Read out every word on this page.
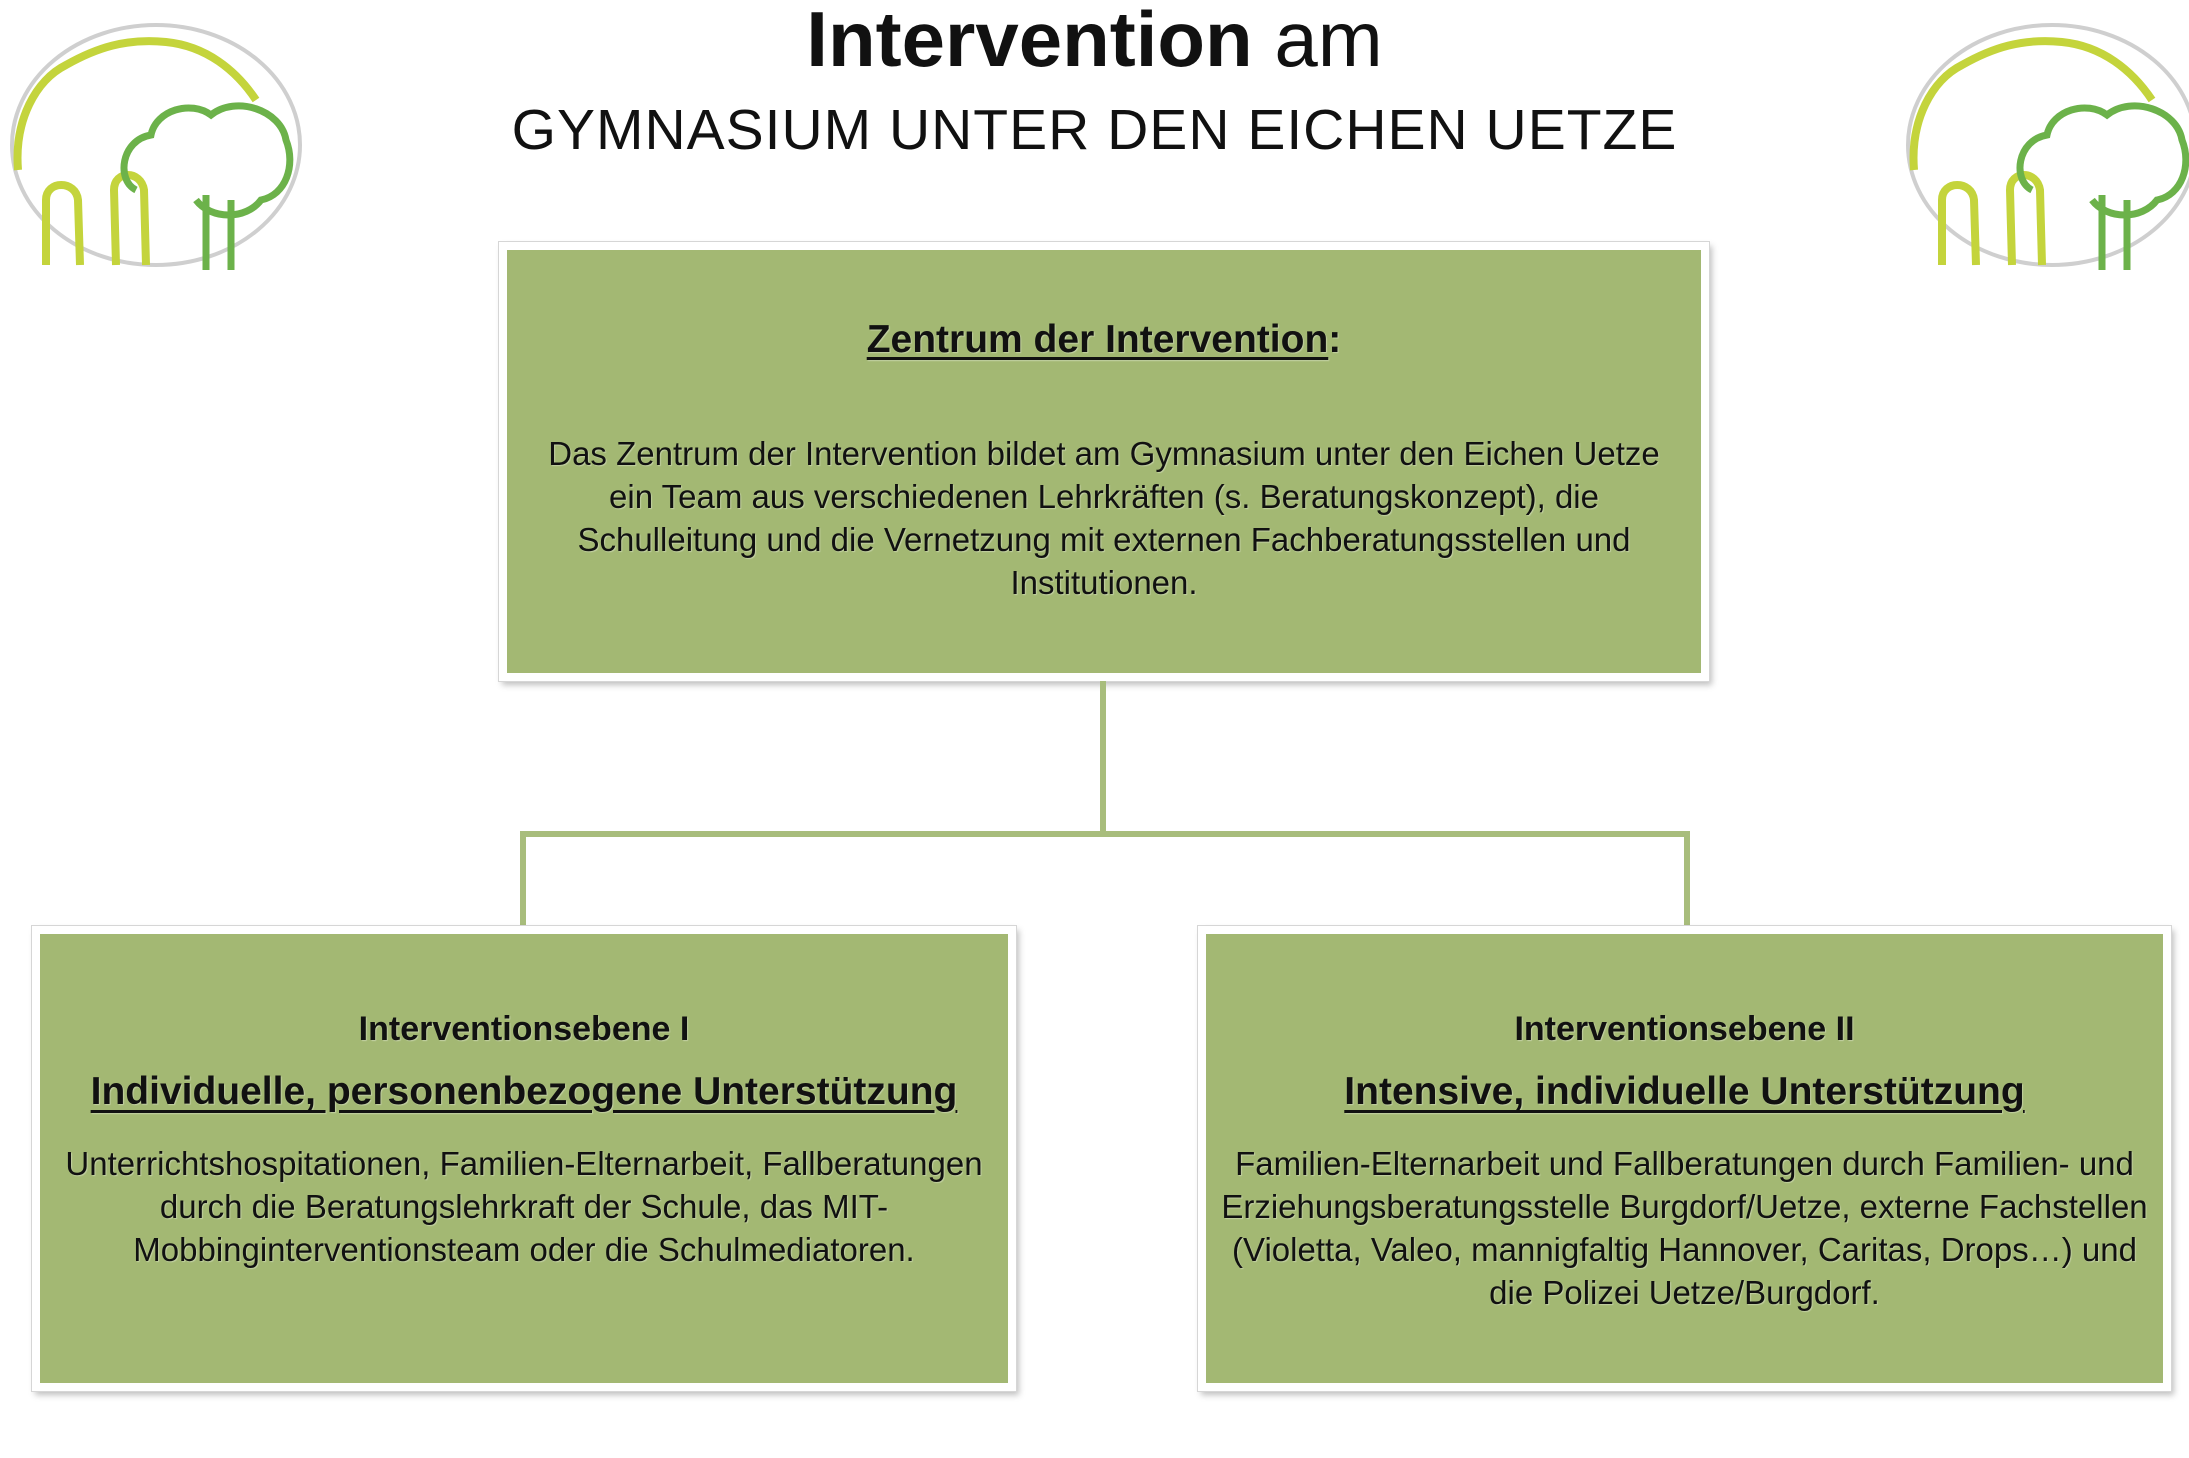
Intervention am
GYMNASIUM UNTER DEN EICHEN UETZE
Zentrum der Intervention:
Das Zentrum der Intervention bildet am Gymnasium unter den Eichen Uetze ein Team aus verschiedenen Lehrkräften (s. Beratungskonzept), die Schulleitung und die Vernetzung mit externen Fachberatungsstellen und Institutionen.
Interventionsebene I
Individuelle, personenbezogene Unterstützung
Unterrichtshospitationen, Familien-Elternarbeit, Fallberatungen durch die Beratungslehrkraft der Schule, das MIT-Mobbinginterventionsteam oder die Schulmediatoren.
Interventionsebene II
Intensive, individuelle Unterstützung
Familien-Elternarbeit und Fallberatungen durch Familien- und Erziehungsberatungsstelle Burgdorf/Uetze, externe Fachstellen (Violetta, Valeo, mannigfaltig Hannover, Caritas, Drops…) und die Polizei Uetze/Burgdorf.
